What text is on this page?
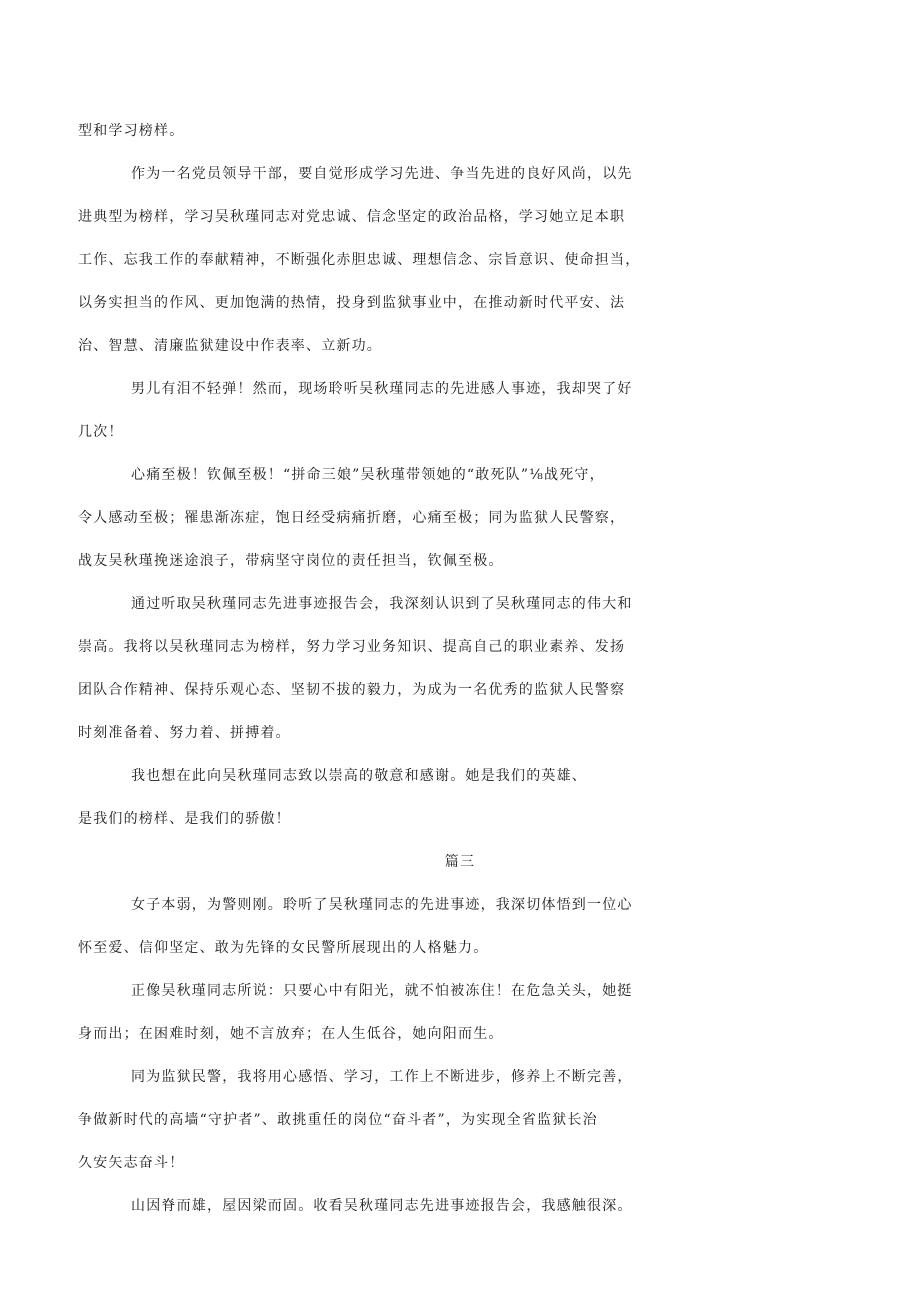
型和学习榜样。
作为一名党员领导干部，要自觉形成学习先进、争当先进的良好风尚，以先
进典型为榜样，学习吴秋瑾同志对党忠诚、信念坚定的政治品格，学习她立足本职
工作、忘我工作的奉献精神，不断强化赤胆忠诚、理想信念、宗旨意识、使命担当，
以务实担当的作风、更加饱满的热情，投身到监狱事业中，在推动新时代平安、法
治、智慧、清廉监狱建设中作表率、立新功。
男儿有泪不轻弹！然而，现场聆听吴秋瑾同志的先进感人事迹，我却哭了好
几次！
心痛至极！钦佩至极！“拼命三娘”吴秋瑾带领她的“敢死队”⅛战死守，
令人感动至极；罹患渐冻症，饱日经受病痛折磨，心痛至极；同为监狱人民警察，
战友吴秋瑾挽迷途浪子，带病坚守岗位的责任担当，钦佩至极。
通过听取吴秋瑾同志先进事迹报告会，我深刻认识到了吴秋瑾同志的伟大和
崇高。我将以吴秋瑾同志为榜样，努力学习业务知识、提高自己的职业素养、发扬
团队合作精神、保持乐观心态、坚韧不拔的毅力，为成为一名优秀的监狱人民警察
时刻准备着、努力着、拼搏着。
我也想在此向吴秋瑾同志致以崇高的敬意和感谢。她是我们的英雄、
是我们的榜样、是我们的骄傲！
篇三
女子本弱，为警则刚。聆听了吴秋瑾同志的先进事迹，我深切体悟到一位心
怀至爱、信仰坚定、敢为先锋的女民警所展现出的人格魅力。
正像吴秋瑾同志所说：只要心中有阳光，就不怕被冻住！在危急关头，她挺
身而出；在困难时刻，她不言放弃；在人生低谷，她向阳而生。
同为监狱民警，我将用心感悟、学习，工作上不断进步，修养上不断完善，
争做新时代的高墙“守护者”、敢挑重任的岗位“奋斗者”，为实现全省监狱长治
久安矢志奋斗！
山因脊而雄，屋因梁而固。收看吴秋瑾同志先进事迹报告会，我感触很深。
